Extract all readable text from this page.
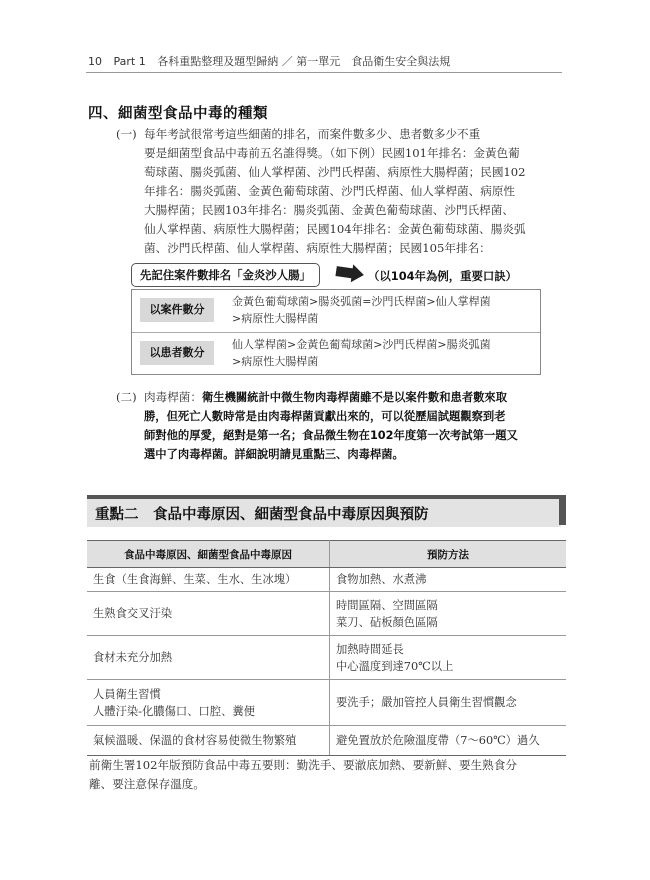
10 Part 1 各科重點整理及題型歸納 ／ 第一單元　食品衛生安全與法規
四、細菌型食品中毒的種類
(一) 每年考試很常考這些細菌的排名，而案件數多少、患者數多少不重
要是細菌型食品中毒前五名誰得獎。（如下例）民國101年排名：金黃色葡
萄球菌、腸炎弧菌、仙人掌桿菌、沙門氏桿菌、病原性大腸桿菌；民國102
年排名：腸炎弧菌、金黃色葡萄球菌、沙門氏桿菌、仙人掌桿菌、病原性
大腸桿菌；民國103年排名：腸炎弧菌、金黃色葡萄球菌、沙門氏桿菌、
仙人掌桿菌、病原性大腸桿菌；民國104年排名：金黃色葡萄球菌、腸炎弧
菌、沙門氏桿菌、仙人掌桿菌、病原性大腸桿菌；民國105年排名：
先記住案件數排名「金炎沙人腸」	（以104年為例，重要口訣）
以案件數分
金黃色葡萄球菌>腸炎弧菌=沙門氏桿菌>仙人掌桿菌
>病原性大腸桿菌
以患者數分
仙人掌桿菌>金黃色葡萄球菌>沙門氏桿菌>腸炎弧菌
>病原性大腸桿菌
(二) 肉毒桿菌：衛生機關統計中微生物肉毒桿菌雖不是以案件數和患者數來取
勝，但死亡人數時常是由肉毒桿菌貢獻出來的，可以從歷屆試題觀察到老
師對他的厚愛，絕對是第一名；食品微生物在102年度第一次考試第一題又
選中了肉毒桿菌。詳細說明請見重點三、肉毒桿菌。
重點二　食品中毒原因、細菌型食品中毒原因與預防
食品中毒原因、細菌型食品中毒原因	預防方法

生食（生食海鮮、生菜、生水、生冰塊）	食物加熱、水煮沸

生熟食交叉汙染	時間區隔、空間區隔
菜刀、砧板顏色區隔

食材未充分加熱	加熱時間延長
中心溫度到達70℃以上

人員衛生習慣
人體汙染-化膿傷口、口腔、糞便	要洗手；嚴加管控人員衛生習慣觀念

氣候溫暖、保溫的食材容易使微生物繁殖	避免置放於危險溫度帶（7～60℃）過久
前衛生署102年版預防食品中毒五要則：勤洗手、要澈底加熱、要新鮮、要生熟食分
離、要注意保存溫度。
